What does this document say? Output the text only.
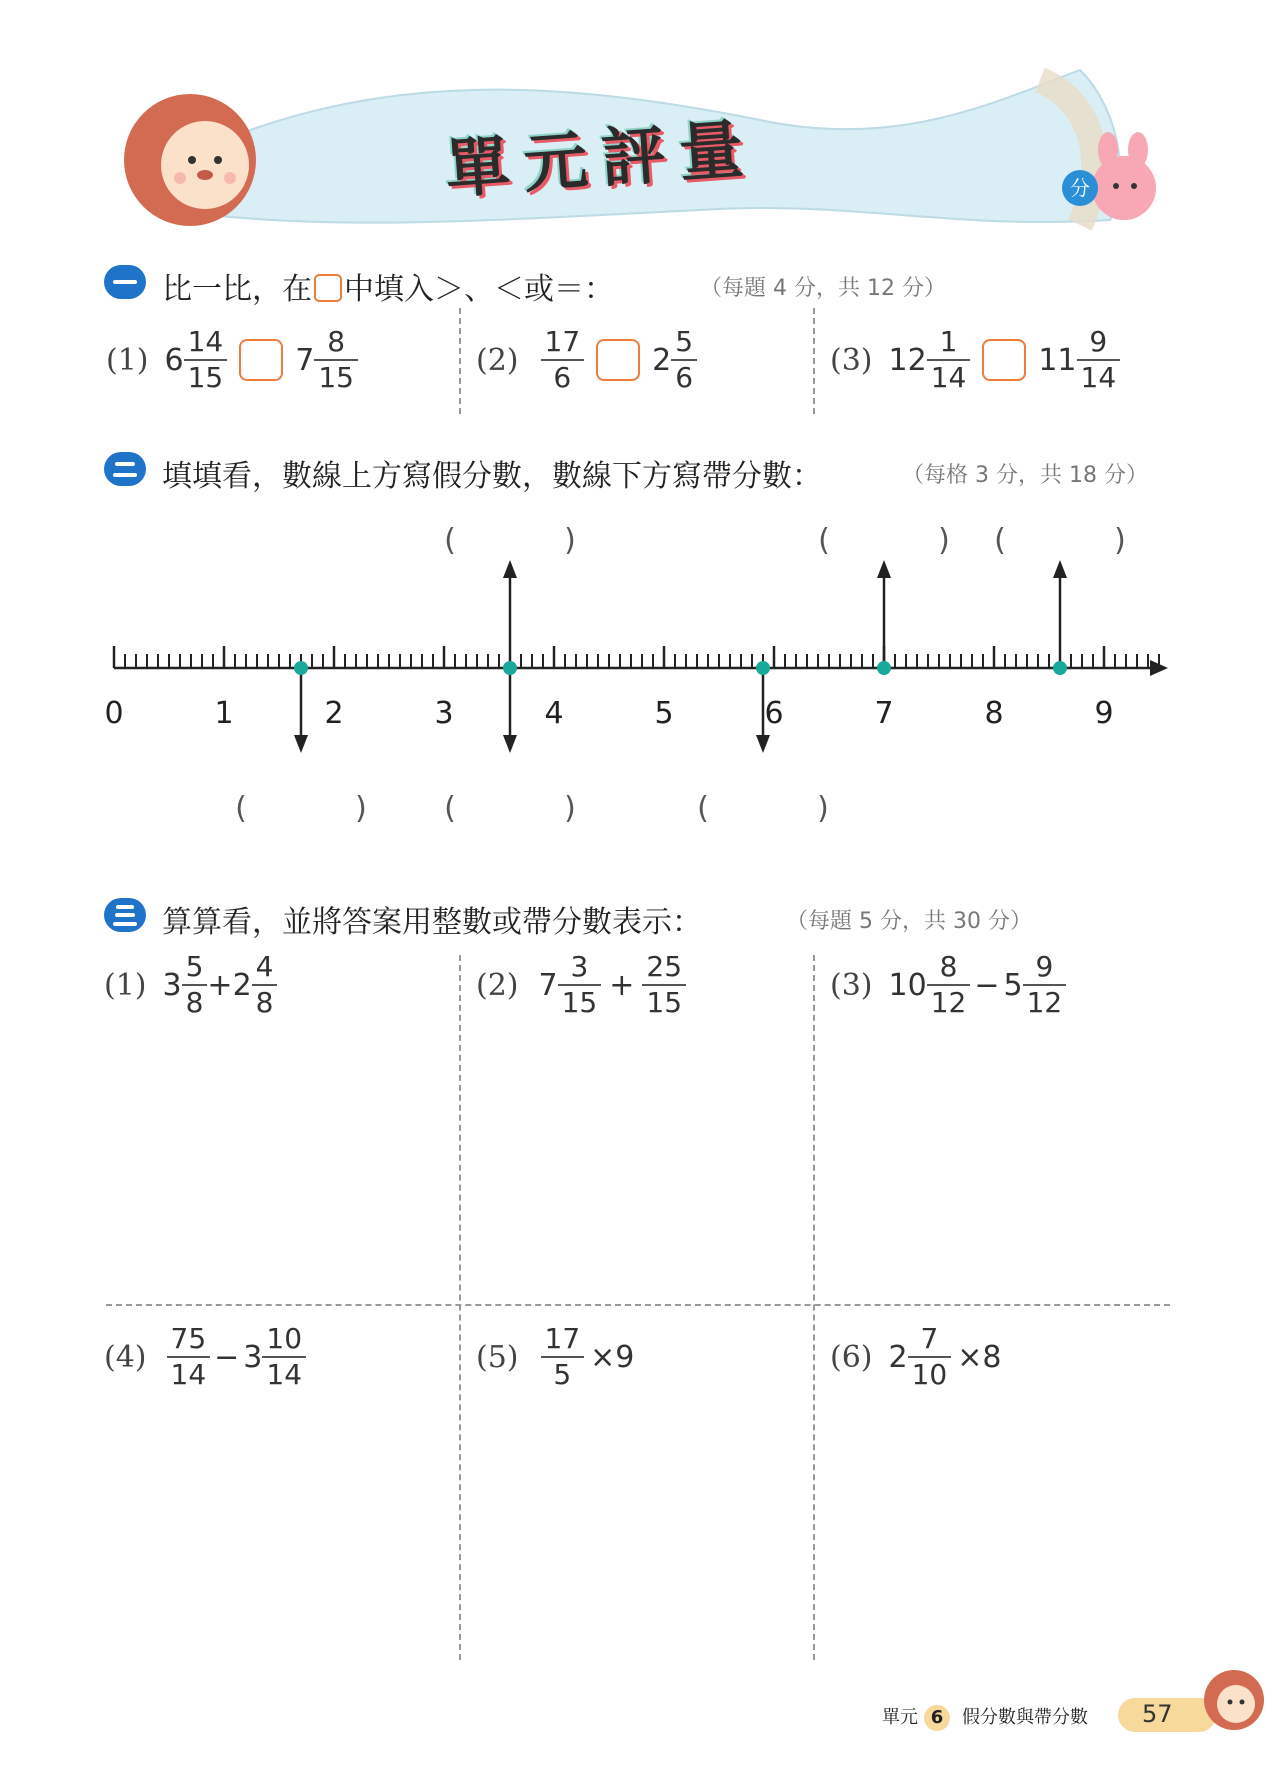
單元評量	分
比一比，在 中填入＞、＜或＝：	（每題 4 分，共 12 分）
(1) $6 \frac{14}{15} 7 \frac{8}{15}$	$(2) \frac{17}{6} 2 \frac{5}{6}$	(3) $12 \frac{1}{14} 11 \frac{9}{14}$
填填看，數線上方寫假分數，數線下方寫帶分數：	（每格 3 分，共 18 分）
0	1	2	3	4	5	6	7	8	9
(	)	(	) (	)
(	)	(	)	(	)
算算看，並將答案用整數或帶分數表示：	（每題 5 分，共 30 分）
(1) $3 \frac{5}{8} + 2 \frac{4}{8}$	(2) $7 \frac{3}{15} + \frac{25}{15}$	(3) $10 \frac{8}{12} - 5 \frac{9}{12}$
$(4) \frac{75}{14} - 3 \frac{10}{14}$	$(5) \frac{17}{5} \times 9$	(6) $2 \frac{7}{10} \times 8$
單元 6 假分數與帶分數 57
